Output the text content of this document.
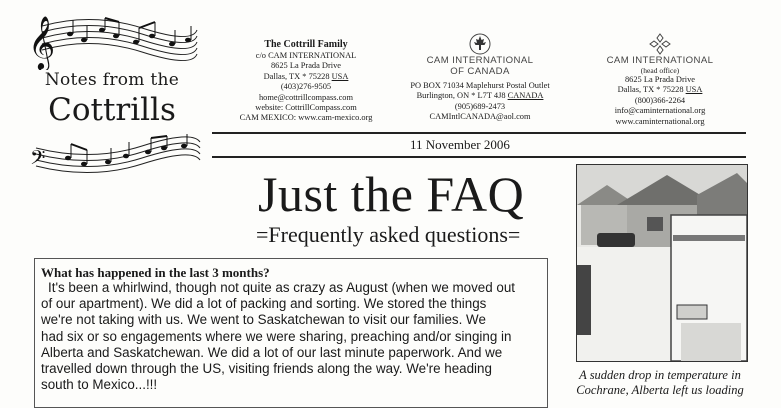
𝄞
Notes from the
Cottrills
𝄢
The Cottrill Family
c/o CAM INTERNATIONAL
8625 La Prada Drive
Dallas, TX * 75228 USA
(403)276-9505
home@cottrillcompass.com
website: CottrillCompass.com
CAM MEXICO: www.cam-mexico.org
CAM INTERNATIONAL
OF CANADA
PO BOX 71034 Maplehurst Postal Outlet
Burlington, ON * L7T 4J8 CANADA
(905)689-2473
CAMIntlCANADA@aol.com
CAM INTERNATIONAL
(head office)
8625 La Prada Drive
Dallas, TX * 75228 USA
(800)366-2264
info@caminternational.org
www.caminternational.org
11 November 2006
Just the FAQ
=Frequently asked questions=
What has happened in the last 3 months?
It's been a whirlwind, though not quite as crazy as August (when we moved out
of our apartment). We did a lot of packing and sorting. We stored the things
we're not taking with us. We went to Saskatchewan to visit our families. We
had six or so engagements where we were sharing, preaching and/or singing in
Alberta and Saskatchewan. We did a lot of our last minute paperwork. And we
travelled down through the US, visiting friends along the way. We're heading
south to Mexico...!!!
A sudden drop in temperature in
Cochrane, Alberta left us loading
